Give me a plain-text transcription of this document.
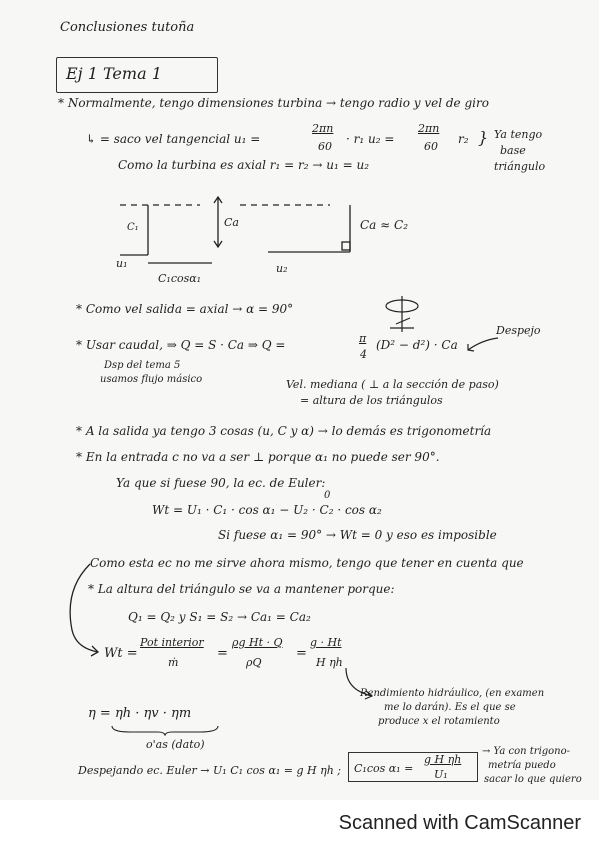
Conclusiones tutoña
Ej 1 Tema 1
* Normalmente, tengo dimensiones turbina → tengo radio y vel de giro
↳ = saco vel tangencial u₁ =
2πn
60
· r₁ u₂ =
2πn
60
r₂ } Ya tengo
base
triángulo
Como la turbina es axial r₁ = r₂ → u₁ = u₂
C₁	Ca
u₁
C₁cosα₁
Ca ≈ C₂
u₂
* Como vel salida = axial → α = 90°
* Usar caudal, ⇒ Q = S · Ca ⇒ Q =	π
4
(D² − d²) · Ca
Despejo
Dsp del tema 5
usamos flujo másico	Vel. mediana ( ⊥ a la sección de paso)
= altura de los triángulos
* A la salida ya tengo 3 cosas (u, C y α) → lo demás es trigonometría
* En la entrada c no va a ser ⊥ porque α₁ no puede ser 90°.
Ya que si fuese 90, la ec. de Euler:
0
Wt = U₁ · C₁ · cos α₁ − U₂ · C₂ · cos α₂
Si fuese α₁ = 90° → Wt = 0 y eso es imposible
Como esta ec no me sirve ahora mismo, tengo que tener en cuenta que
* La altura del triángulo se va a mantener porque:
Q₁ = Q₂ y S₁ = S₂ → Ca₁ = Ca₂
Wt =
Pot interior
ṁ
=
ρg Ht · Q
ρQ
=
g · Ht
H ηh
Rendimiento hidráulico, (en examen
me lo darán). Es el que se
produce x el rotamiento
η = ηh · ηv · ηm
o'as (dato)
Despejando ec. Euler → U₁ C₁ cos α₁ = g H ηh ; C₁cos α₁ =
g H ηh
U₁
→ Ya con trigono-
metría puedo
sacar lo que quiero
Scanned with CamScanner
